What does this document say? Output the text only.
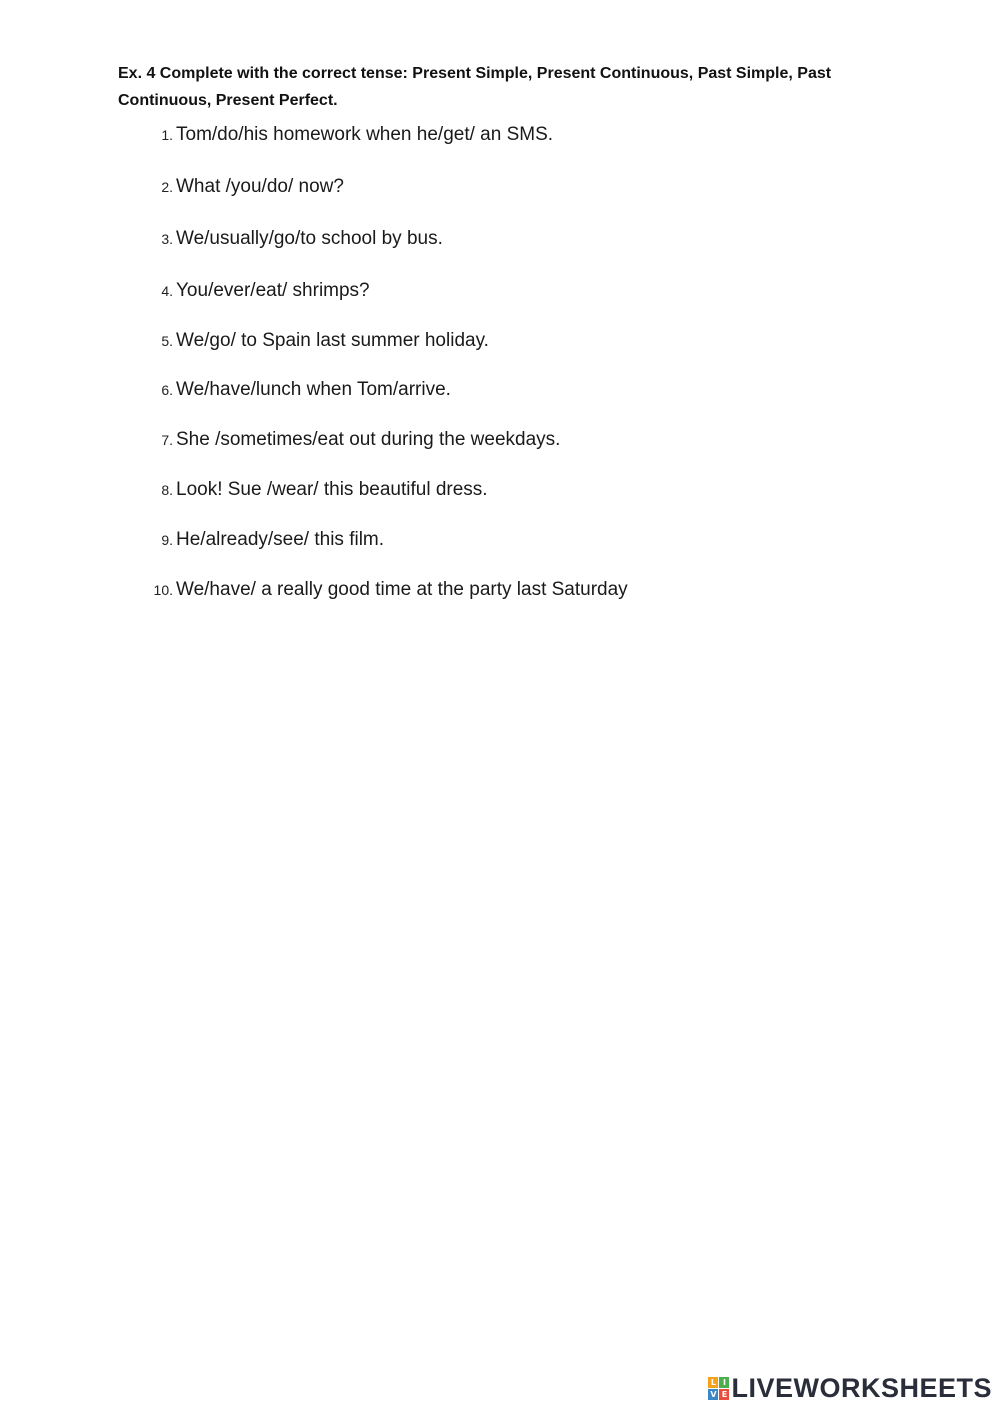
Ex. 4 Complete with the correct tense: Present Simple, Present Continuous, Past Simple, Past Continuous, Present Perfect.
1. Tom/do/his homework when he/get/ an SMS.
2. What /you/do/ now?
3. We/usually/go/to school by bus.
4. You/ever/eat/ shrimps?
5. We/go/ to Spain last summer holiday.
6. We/have/lunch when Tom/arrive.
7. She /sometimes/eat out during the weekdays.
8. Look! Sue /wear/ this beautiful dress.
9. He/already/see/ this film.
10. We/have/ a really good time at the party last Saturday
L I
V E LIVEWORKSHEETS
